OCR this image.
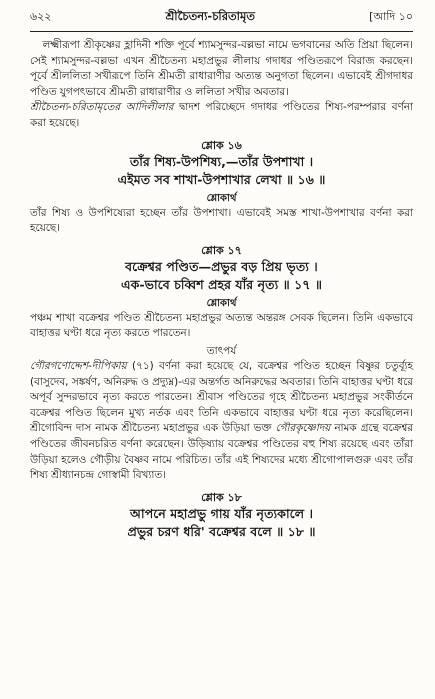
৬২২	শ্রীচৈতন্য-চরিতামৃত	[আদি ১০

লক্ষ্মীরূপা শ্রীকৃষ্ণের হ্লাদিনী শক্তি পূর্বে শ্যামসুন্দর-বল্লভা নামে ভগবানের অতি প্রিয়া ছিলেন। সেই শ্যামসুন্দর-বল্লভা এখন শ্রীচৈতন্য মহাপ্রভুর লীলায় গদাধর পণ্ডিতরূপে বিরাজ করছেন। পূর্বে শ্রীললিতা সখীরূপে তিনি শ্রীমতী রাধারাণীর অত্যন্ত অনুগতা ছিলেন। এভাবেই শ্রীগদাধর পণ্ডিত যুগপৎভাবে শ্রীমতী রাধারাণীর ও ললিতা সখীর অবতার।

শ্রীচৈতন্য-চরিতামৃতের আদিলীলার দ্বাদশ পরিচ্ছেদে গদাধর পণ্ডিতের শিষ্য-পরম্পরার বর্ণনা করা হয়েছে।

শ্লোক ১৬
তাঁর শিষ্য-উপশিষ্য,—তাঁর উপশাখা ।
এইমত সব শাখা-উপশাখার লেখা ॥ ১৬ ॥
শ্লোকার্থ

তাঁর শিষ্য ও উপশিষ্যেরা হচ্ছেন তাঁর উপশাখা। এভাবেই সমস্ত শাখা-উপশাখার বর্ণনা করা হয়েছে।

শ্লোক ১৭
বক্রেশ্বর পণ্ডিত—প্রভুর বড় প্রিয় ভৃত্য ।
এক-ভাবে চব্বিশ প্রহর যাঁর নৃত্য ॥ ১৭ ॥
শ্লোকার্থ

পঞ্চম শাখা বক্রেশ্বর পণ্ডিত শ্রীচৈতন্য মহাপ্রভুর অত্যন্ত অন্তরঙ্গ সেবক ছিলেন। তিনি একভাবে বাহাত্তর ঘণ্টা ধরে নৃত্য করতে পারতেন।

তাৎপর্য

গৌরগণোদ্দেশ-দীপিকায় (৭১) বর্ণনা করা হয়েছে যে, বক্রেশ্বর পণ্ডিত হচ্ছেন বিষ্ণুর চতুর্ব্যূহ (বাসুদেব, সঙ্কর্ষণ, অনিরুদ্ধ ও প্রদ্যুম্ন)-এর অন্তর্গত অনিরুদ্ধের অবতার। তিনি বাহাত্তর ঘণ্টা ধরে অপূর্ব সুন্দরভাবে নৃত্য করতে পারতেন। শ্রীবাস পণ্ডিতের গৃহে শ্রীচৈতন্য মহাপ্রভুর সংকীর্তনে বক্রেশ্বর পণ্ডিত ছিলেন মুখ্য নর্তক এবং তিনি একভাবে বাহাত্তর ঘণ্টা ধরে নৃত্য করেছিলেন। শ্রীগোবিন্দ দাস নামক শ্রীচৈতন্য মহাপ্রভুর এক উড়িয়া ভক্ত গৌরকৃষ্ণোদয় নামক গ্রন্থে বক্রেশ্বর পণ্ডিতের জীবনচরিত বর্ণনা করেছেন। উড়িষ্যায় বক্রেশ্বর পণ্ডিতের বহু শিষ্য রয়েছে এবং তাঁরা উড়িয়া হলেও গৌড়ীয় বৈষ্ণব নামে পরিচিত। তাঁর এই শিষ্যদের মধ্যে শ্রীগোপালগুরু এবং তাঁর শিষ্য শ্রীধ্যানচন্দ্র গোস্বামী বিখ্যাত।

শ্লোক ১৮
আপনে মহাপ্রভু গায় যাঁর নৃত্যকালে ।
প্রভুর চরণ ধরি' বক্রেশ্বর বলে ॥ ১৮ ॥
